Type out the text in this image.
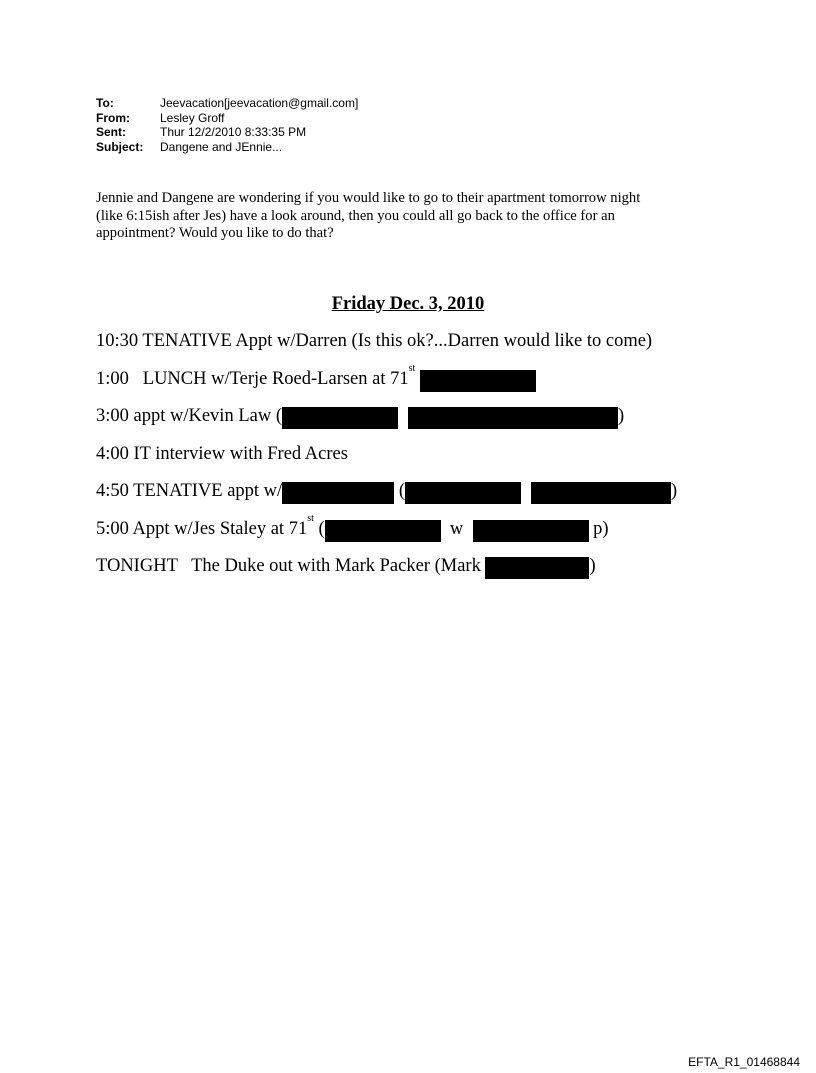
To:	Jeevacation[jeevacation@gmail.com]
From:	Lesley Groff
Sent:	Thur 12/2/2010 8:33:35 PM
Subject:	Dangene and JEnnie...
Jennie and Dangene are wondering if you would like to go to their apartment tomorrow night
(like 6:15ish after Jes) have a look around, then you could all go back to the office for an
appointment? Would you like to do that?
Friday Dec. 3, 2010
10:30 TENATIVE Appt w/Darren (Is this ok?...Darren would like to come)
1:00   LUNCH w/Terje Roed-Larsen at 71
st

3:00 appt w/Kevin Law (	)
4:00 IT interview with Fred Acres
4:50 TENATIVE appt w/	(	)
5:00 Appt w/Jes Staley at 71
st
(	w	p)
TONIGHT   The Duke out with Mark Packer (Mark	)
EFTA_R1_01468844
